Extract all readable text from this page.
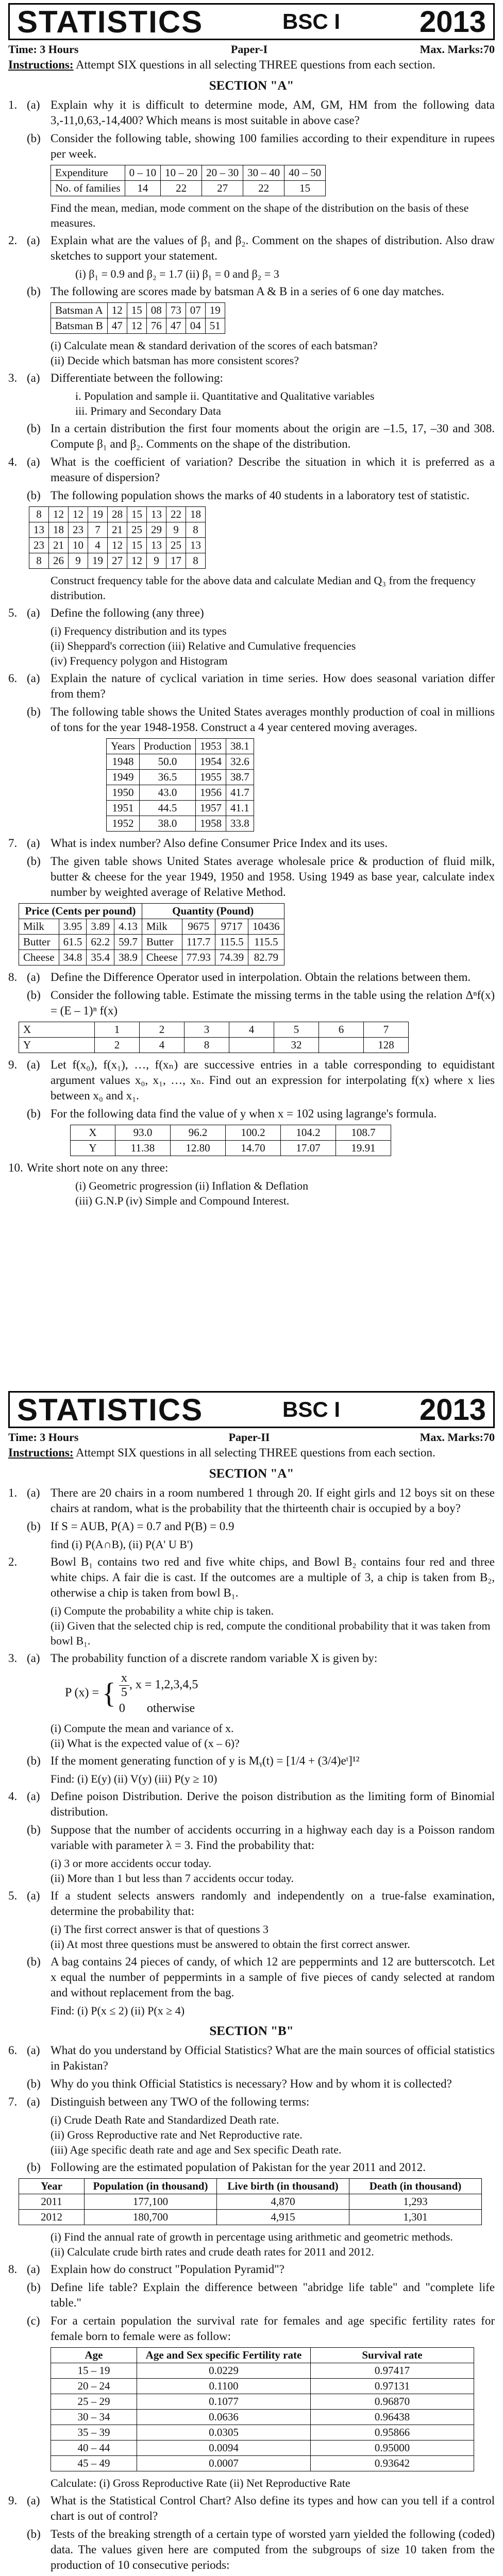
STATISTICS	BSC I	2013
Time: 3 Hours	Paper-I	Max. Marks:70
Instructions: Attempt SIX questions in all selecting THREE questions from each section.
SECTION "A"
1. (a) Explain why it is difficult to determine mode, AM, GM, HM from the following data 3,-11,0,63,-14,400? Which means is most suitable in above case?
(b) Consider the following table, showing 100 families according to their expenditure in rupees per week.
Expenditure	0 – 10	10 – 20	20 – 30	30 – 40	40 – 50
No. of families	14	22	27	22	15
Find the mean, median, mode comment on the shape of the distribution on the basis of these measures.
2. (a) Explain what are the values of β₁ and β₂. Comment on the shapes of distribution. Also draw sketches to support your statement.
(i) β₁ = 0.9 and β₂ = 1.7 (ii) β₁ = 0 and β₂ = 3
(b) The following are scores made by batsman A & B in a series of 6 one day matches.
Batsman A	12	15	08	73	07	19
Batsman B	47	12	76	47	04	51
(i) Calculate mean & standard derivation of the scores of each batsman?
(ii) Decide which batsman has more consistent scores?
3. (a) Differentiate between the following:
i. Population and sample ii. Quantitative and Qualitative variables
iii. Primary and Secondary Data
(b) In a certain distribution the first four moments about the origin are –1.5, 17, –30 and 308. Compute β₁ and β₂. Comments on the shape of the distribution.
4. (a) What is the coefficient of variation? Describe the situation in which it is preferred as a measure of dispersion?
(b) The following population shows the marks of 40 students in a laboratory test of statistic.
8	12	12	19	28	15	13	22	18
13	18	23	7	21	25	29	9	8
23	21	10	4	12	15	13	25	13
8	26	9	19	27	12	9	17	8
Construct frequency table for the above data and calculate Median and Q₃ from the frequency distribution.
5. (a) Define the following (any three)
(i) Frequency distribution and its types
(ii) Sheppard's correction (iii) Relative and Cumulative frequencies
(iv) Frequency polygon and Histogram
6. (a) Explain the nature of cyclical variation in time series. How does seasonal variation differ from them?
(b) The following table shows the United States averages monthly production of coal in millions of tons for the year 1948-1958. Construct a 4 year centered moving averages.
Years	Production	1953	38.1
1948	50.0	1954	32.6
1949	36.5	1955	38.7
1950	43.0	1956	41.7
1951	44.5	1957	41.1
1952	38.0	1958	33.8
7. (a) What is index number? Also define Consumer Price Index and its uses.
(b) The given table shows United States average wholesale price & production of fluid milk, butter & cheese for the year 1949, 1950 and 1958. Using 1949 as base year, calculate index number by weighted average of Relative Method.
Price (Cents per pound)				Quantity (Pound)			
Milk	3.95	3.89	4.13	Milk	9675	9717	10436
Butter	61.5	62.2	59.7	Butter	117.7	115.5	115.5
Cheese	34.8	35.4	38.9	Cheese	77.93	74.39	82.79
8. (a) Define the Difference Operator used in interpolation. Obtain the relations between them.
(b) Consider the following table. Estimate the missing terms in the table using the relation Δⁿf(x) = (E – 1)ⁿ f(x)
X	1	2	3	4	5	6	7
Y	2	4	8		32		128
9. (a) Let f(x₀), f(x₁), …, f(xₙ) are successive entries in a table corresponding to equidistant argument values x₀, x₁, …, xₙ. Find out an expression for interpolating f(x) where x lies between x₀ and x₁.
(b) For the following data find the value of y when x = 102 using lagrange's formula.
X	93.0	96.2	100.2	104.2	108.7
Y	11.38	12.80	14.70	17.07	19.91
10. Write short note on any three:
(i) Geometric progression (ii) Inflation & Deflation
(iii) G.N.P (iv) Simple and Compound Interest.
STATISTICS	BSC I	2013
Time: 3 Hours	Paper-II	Max. Marks:70
Instructions: Attempt SIX questions in all selecting THREE questions from each section.
SECTION "A"
1. (a) There are 20 chairs in a room numbered 1 through 20. If eight girls and 12 boys sit on these chairs at random, what is the probability that the thirteenth chair is occupied by a boy?
(b) If S = AUB, P(A) = 0.7 and P(B) = 0.9
find (i) P(A∩B), (ii) P(A' U B')
2.	Bowl B₁ contains two red and five white chips, and Bowl B₂ contains four red and three white chips. A fair die is cast. If the outcomes are a multiple of 3, a chip is taken from B₂, otherwise a chip is taken from bowl B₁.
(i) Compute the probability a white chip is taken.
(ii) Given that the selected chip is red, compute the conditional probability that it was taken from bowl B₁.
3. (a) The probability function of a discrete random variable X is given by:
P (x) = { $\frac{x}{5}$ , x = 1,2,3,4,5
0 otherwise
(i) Compute the mean and variance of x.
(ii) What is the expected value of (x – 6)?
(b) If the moment generating function of y is Mᵧ(t) = [1/4 + (3/4)eᵗ]¹²
Find: (i) E(y) (ii) V(y) (iii) P(y ≥ 10)
4. (a) Define poison Distribution. Derive the poison distribution as the limiting form of Binomial distribution.
(b) Suppose that the number of accidents occurring in a highway each day is a Poisson random variable with parameter λ = 3. Find the probability that:
(i) 3 or more accidents occur today.
(ii) More than 1 but less than 7 accidents occur today.
5. (a) If a student selects answers randomly and independently on a true-false examination, determine the probability that:
(i) The first correct answer is that of questions 3
(ii) At most three questions must be answered to obtain the first correct answer.
(b) A bag contains 24 pieces of candy, of which 12 are peppermints and 12 are butterscotch. Let x equal the number of peppermints in a sample of five pieces of candy selected at random and without replacement from the bag.
Find: (i) P(x ≤ 2) (ii) P(x ≥ 4)
SECTION "B"
6. (a) What do you understand by Official Statistics? What are the main sources of official statistics in Pakistan?
(b) Why do you think Official Statistics is necessary? How and by whom it is collected?
7. (a) Distinguish between any TWO of the following terms:
(i) Crude Death Rate and Standardized Death rate.
(ii) Gross Reproductive rate and Net Reproductive rate.
(iii) Age specific death rate and age and Sex specific Death rate.
(b) Following are the estimated population of Pakistan for the year 2011 and 2012.
Year	Population (in thousand)	Live birth (in thousand)	Death (in thousand)
2011	177,100	4,870	1,293
2012	180,700	4,915	1,301
(i) Find the annual rate of growth in percentage using arithmetic and geometric methods.
(ii) Calculate crude birth rates and crude death rates for 2011 and 2012.
8. (a) Explain how do construct "Population Pyramid"?
(b) Define life table? Explain the difference between "abridge life table" and "complete life table."
(c) For a certain population the survival rate for females and age specific fertility rates for female born to female were as follow:
Age	Age and Sex specific Fertility rate	Survival rate
15 – 19	0.0229	0.97417
20 – 24	0.1100	0.97131
25 – 29	0.1077	0.96870
30 – 34	0.0636	0.96438
35 – 39	0.0305	0.95866
40 – 44	0.0094	0.95000
45 – 49	0.0007	0.93642
Calculate: (i) Gross Reproductive Rate (ii) Net Reproductive Rate
9. (a) What is the Statistical Control Chart? Also define its types and how can you tell if a control chart is out of control?
(b) Tests of the breaking strength of a certain type of worsted yarn yielded the following (coded) data. The values given here are computed from the subgroups of size 10 taken from the production of 10 consecutive periods:
